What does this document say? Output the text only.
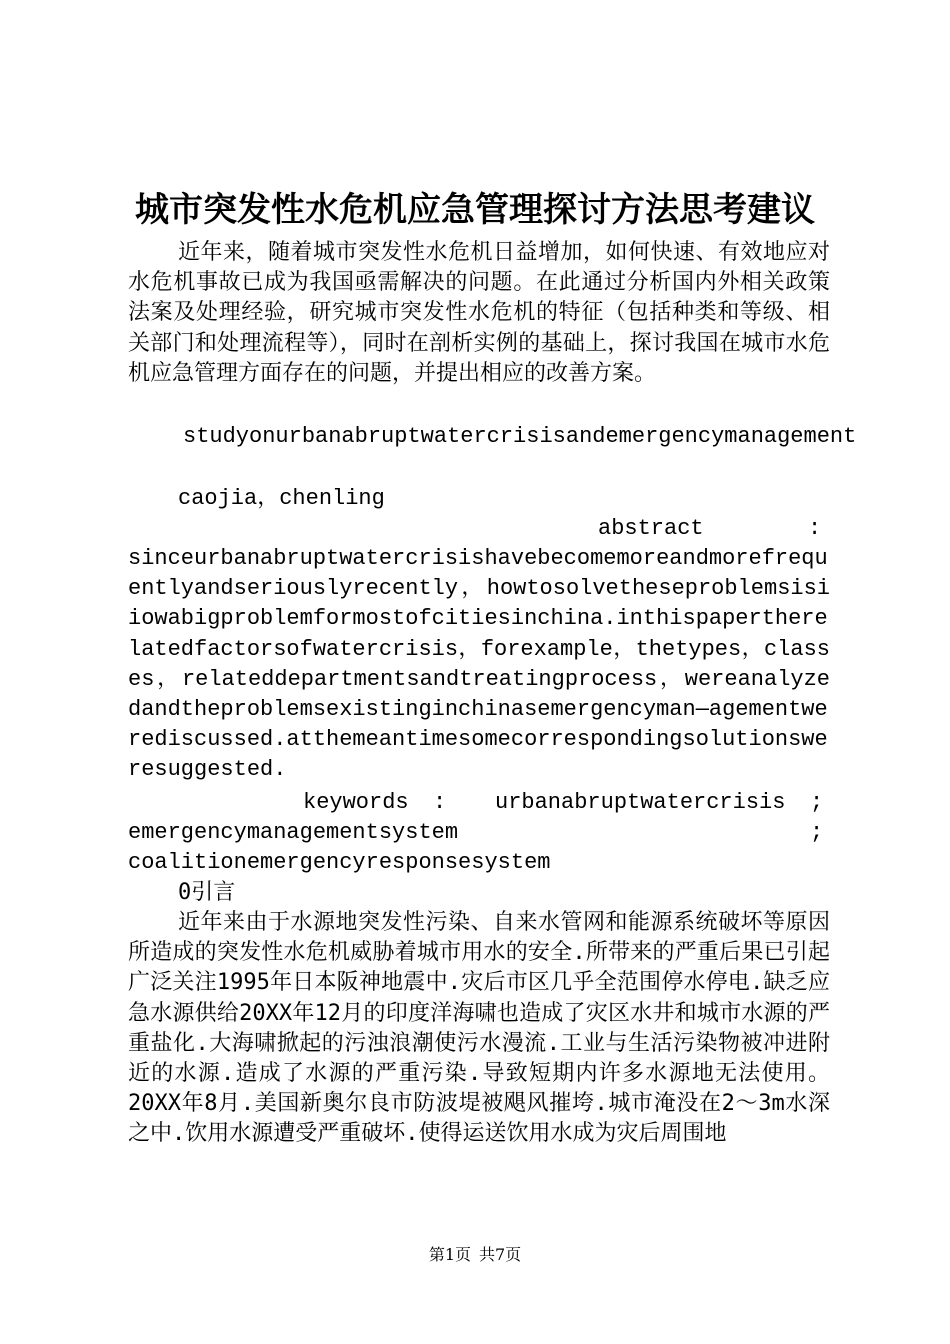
城市突发性水危机应急管理探讨方法思考建议

近年来，随着城市突发性水危机日益增加，如何快速、有效地应对水危机事故已成为我国亟需解决的问题。在此通过分析国内外相关政策法案及处理经验，研究城市突发性水危机的特征（包括种类和等级、相关部门和处理流程等），同时在剖析实例的基础上，探讨我国在城市水危机应急管理方面存在的问题，并提出相应的改善方案。

studyonurbanabruptwatercrisisandemergencymanagement
caojia，chenling
abstract	:

sinceurbanabruptwatercrisishavebecomemoreandmorefrequentlyandseriouslyrecently，howtosolvetheseproblemsisiiowabigproblemformostofcitiesinchina.inthispapertherelatedfactorsofwatercrisis，forexample，thetypes，classes，relateddepartmentsandtreatingprocess，wereanalyzedandtheproblemsexistinginchinasemergencyman—agementwerediscussed.atthemeantimesomecorrespondingsolutionsweresuggested.

keywords : urbanabruptwatercrisis ;
emergencymanagementsystem	;
coalitionemergencyresponsesystem
0引言

近年来由于水源地突发性污染、自来水管网和能源系统破坏等原因所造成的突发性水危机威胁着城市用水的安全.所带来的严重后果已引起广泛关注1995年日本阪神地震中.灾后市区几乎全范围停水停电.缺乏应急水源供给20XX年12月的印度洋海啸也造成了灾区水井和城市水源的严重盐化.大海啸掀起的污浊浪潮使污水漫流.工业与生活污染物被冲进附近的水源.造成了水源的严重污染.导致短期内许多水源地无法使用。20XX年8月.美国新奥尔良市防波堤被飓风摧垮.城市淹没在2～3m水深之中.饮用水源遭受严重破坏.使得运送饮用水成为灾后周围地

第1页 共7页
